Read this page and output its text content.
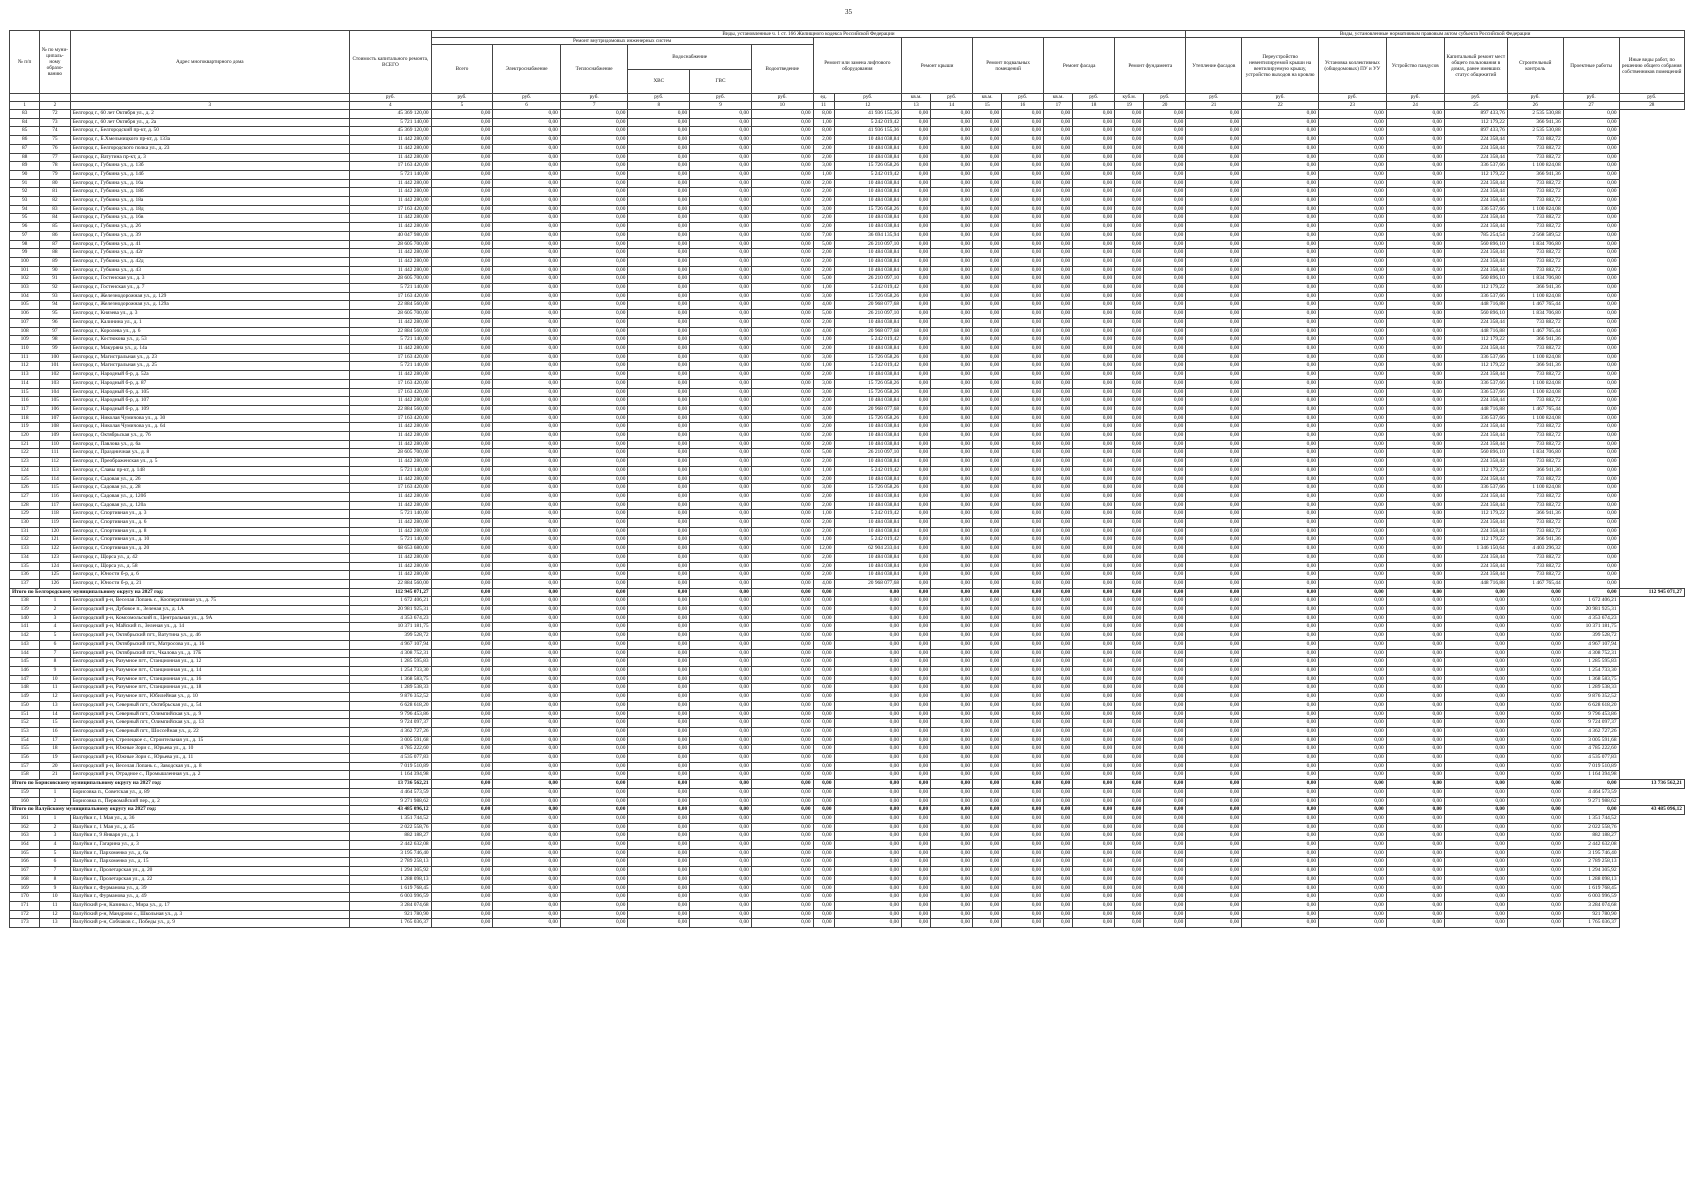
35
№ п/п	№ по муни-ципаль-ному образо-ванию	Адрес многоквартирного дома	Стоимость капитального ремонта, ВСЕГО	Виды, установленные ч. 1 ст. 166 Жилищного кодекса Российской Федерации																Виды, установленные нормативным правовым актом субъекта Российской Федерации							
				Ремонт внутридомовых инженерных систем						Ремонт или замена лифтового оборудования		Ремонт крыши		Ремонт подвальных помещений		Ремонт фасада		Ремонт фундамента		Утепление фасадов	Переустройство невентилируемой крыши на вентилируемую крышу, устройство выходов на кровлю	Установка коллективных (общедомовых) ПУ и УУ	Устройство пандусов	Капитальный ремонт мест общего пользования в домах, ранее имевших статус общежитий	Строительный контроль	Проектные работы	Иные виды работ, по решению общего собрания собственников помещений
				Всего	Электроснабжение	Теплоснабжение	Водоснабжение		Водоотведение																		
							ХВС	ГВС																			
			руб.	руб.	руб.	руб.	руб.	руб.	руб.	ед.	руб.	кв.м.	руб.	кв.м.	руб.	кв.м.	руб.	куб.м.	руб.	руб.	руб.	руб.	руб.	руб.	руб.	руб.	руб.
1	2	3	4	5	6	7	8	9	10	11	12	13	14	15	16	17	18	19	20	21	22	23	24	25	26	27	28
83	72	Белгород г., 60 лет Октября ул., д. 2	45 369 120,00	0,00	0,00	0,00	0,00	0,00	0,00	8,00	41 936 155,36	0,00	0,00	0,00	0,00	0,00	0,00	0,00	0,00	0,00	0,00	0,00	0,00	897 433,76	2 535 530,88	0,00	
84	73	Белгород г., 60 лет Октября ул., д. 2а	5 721 140,00	0,00	0,00	0,00	0,00	0,00	0,00	1,00	5 242 019,42	0,00	0,00	0,00	0,00	0,00	0,00	0,00	0,00	0,00	0,00	0,00	0,00	112 179,22	366 941,36	0,00	
85	74	Белгород г., Белгородский пр-кт, д. 50	45 369 120,00	0,00	0,00	0,00	0,00	0,00	0,00	8,00	41 936 155,36	0,00	0,00	0,00	0,00	0,00	0,00	0,00	0,00	0,00	0,00	0,00	0,00	897 433,76	2 535 530,88	0,00	
86	75	Белгород г., Б.Хмельницкого пр-кт, д. 133а	11 442 280,00	0,00	0,00	0,00	0,00	0,00	0,00	2,00	10 484 038,84	0,00	0,00	0,00	0,00	0,00	0,00	0,00	0,00	0,00	0,00	0,00	0,00	224 358,44	733 882,72	0,00	
87	76	Белгород г., Белгородского полка ул., д. 23	11 442 280,00	0,00	0,00	0,00	0,00	0,00	0,00	2,00	10 484 038,84	0,00	0,00	0,00	0,00	0,00	0,00	0,00	0,00	0,00	0,00	0,00	0,00	224 358,44	733 882,72	0,00	
88	77	Белгород г., Ватутина пр-кт, д. 3	11 442 280,00	0,00	0,00	0,00	0,00	0,00	0,00	2,00	10 484 038,84	0,00	0,00	0,00	0,00	0,00	0,00	0,00	0,00	0,00	0,00	0,00	0,00	224 358,44	733 882,72	0,00	
89	78	Белгород г., Губкина ул., д. 13б	17 163 420,00	0,00	0,00	0,00	0,00	0,00	0,00	3,00	15 726 058,26	0,00	0,00	0,00	0,00	0,00	0,00	0,00	0,00	0,00	0,00	0,00	0,00	336 537,66	1 100 824,08	0,00	
90	79	Белгород г., Губкина ул., д. 14б	5 721 140,00	0,00	0,00	0,00	0,00	0,00	0,00	1,00	5 242 019,42	0,00	0,00	0,00	0,00	0,00	0,00	0,00	0,00	0,00	0,00	0,00	0,00	112 179,22	366 941,36	0,00	
91	80	Белгород г., Губкина ул., д. 16а	11 442 280,00	0,00	0,00	0,00	0,00	0,00	0,00	2,00	10 484 038,84	0,00	0,00	0,00	0,00	0,00	0,00	0,00	0,00	0,00	0,00	0,00	0,00	224 358,44	733 882,72	0,00	
92	81	Белгород г., Губкина ул., д. 18б	11 442 280,00	0,00	0,00	0,00	0,00	0,00	0,00	2,00	10 484 038,84	0,00	0,00	0,00	0,00	0,00	0,00	0,00	0,00	0,00	0,00	0,00	0,00	224 358,44	733 882,72	0,00	
93	82	Белгород г., Губкина ул., д. 18а	11 442 280,00	0,00	0,00	0,00	0,00	0,00	0,00	2,00	10 484 038,84	0,00	0,00	0,00	0,00	0,00	0,00	0,00	0,00	0,00	0,00	0,00	0,00	224 358,44	733 882,72	0,00	
94	83	Белгород г., Губкина ул., д. 18д	17 163 420,00	0,00	0,00	0,00	0,00	0,00	0,00	3,00	15 726 058,26	0,00	0,00	0,00	0,00	0,00	0,00	0,00	0,00	0,00	0,00	0,00	0,00	336 537,66	1 100 824,08	0,00	
95	84	Белгород г., Губкина ул., д. 16в	11 442 280,00	0,00	0,00	0,00	0,00	0,00	0,00	2,00	10 484 038,84	0,00	0,00	0,00	0,00	0,00	0,00	0,00	0,00	0,00	0,00	0,00	0,00	224 358,44	733 882,72	0,00	
96	85	Белгород г., Губкина ул., д. 26	11 442 280,00	0,00	0,00	0,00	0,00	0,00	0,00	2,00	10 484 038,84	0,00	0,00	0,00	0,00	0,00	0,00	0,00	0,00	0,00	0,00	0,00	0,00	224 358,44	733 882,72	0,00	
97	86	Белгород г., Губкина ул., д. 39	40 047 980,00	0,00	0,00	0,00	0,00	0,00	0,00	7,00	36 694 135,94	0,00	0,00	0,00	0,00	0,00	0,00	0,00	0,00	0,00	0,00	0,00	0,00	785 254,54	2 568 589,52	0,00	
98	87	Белгород г., Губкина ул., д. 41	28 605 700,00	0,00	0,00	0,00	0,00	0,00	0,00	5,00	26 210 097,10	0,00	0,00	0,00	0,00	0,00	0,00	0,00	0,00	0,00	0,00	0,00	0,00	560 896,10	1 834 706,80	0,00	
99	88	Белгород г., Губкина ул., д. 42г	11 442 280,00	0,00	0,00	0,00	0,00	0,00	0,00	2,00	10 484 038,84	0,00	0,00	0,00	0,00	0,00	0,00	0,00	0,00	0,00	0,00	0,00	0,00	224 358,44	733 882,72	0,00	
100	89	Белгород г., Губкина ул., д. 42д	11 442 280,00	0,00	0,00	0,00	0,00	0,00	0,00	2,00	10 484 038,84	0,00	0,00	0,00	0,00	0,00	0,00	0,00	0,00	0,00	0,00	0,00	0,00	224 358,44	733 882,72	0,00	
101	90	Белгород г., Губкина ул., д. 43	11 442 280,00	0,00	0,00	0,00	0,00	0,00	0,00	2,00	10 484 038,84	0,00	0,00	0,00	0,00	0,00	0,00	0,00	0,00	0,00	0,00	0,00	0,00	224 358,44	733 882,72	0,00	
102	91	Белгород г., Гостенская ул., д. 3	28 605 700,00	0,00	0,00	0,00	0,00	0,00	0,00	5,00	26 210 097,10	0,00	0,00	0,00	0,00	0,00	0,00	0,00	0,00	0,00	0,00	0,00	0,00	560 896,10	1 834 706,80	0,00	
103	92	Белгород г., Гостенская ул., д. 7	5 721 140,00	0,00	0,00	0,00	0,00	0,00	0,00	1,00	5 242 019,42	0,00	0,00	0,00	0,00	0,00	0,00	0,00	0,00	0,00	0,00	0,00	0,00	112 179,22	366 941,36	0,00	
104	93	Белгород г., Железнодорожная ул., д. 129	17 163 420,00	0,00	0,00	0,00	0,00	0,00	0,00	3,00	15 726 058,26	0,00	0,00	0,00	0,00	0,00	0,00	0,00	0,00	0,00	0,00	0,00	0,00	336 537,66	1 100 824,08	0,00	
105	94	Белгород г., Железнодорожная ул., д. 129а	22 884 560,00	0,00	0,00	0,00	0,00	0,00	0,00	4,00	20 968 077,68	0,00	0,00	0,00	0,00	0,00	0,00	0,00	0,00	0,00	0,00	0,00	0,00	448 716,88	1 467 765,44	0,00	
106	95	Белгород г., Князева ул., д. 3	28 605 700,00	0,00	0,00	0,00	0,00	0,00	0,00	5,00	26 210 097,10	0,00	0,00	0,00	0,00	0,00	0,00	0,00	0,00	0,00	0,00	0,00	0,00	560 896,10	1 834 706,80	0,00	
107	96	Белгород г., Калинина ул., д. 1	11 442 280,00	0,00	0,00	0,00	0,00	0,00	0,00	2,00	10 484 038,84	0,00	0,00	0,00	0,00	0,00	0,00	0,00	0,00	0,00	0,00	0,00	0,00	224 358,44	733 882,72	0,00	
108	97	Белгород г., Королева ул., д. 6	22 884 560,00	0,00	0,00	0,00	0,00	0,00	0,00	4,00	20 968 077,68	0,00	0,00	0,00	0,00	0,00	0,00	0,00	0,00	0,00	0,00	0,00	0,00	448 716,88	1 467 765,44	0,00	
109	98	Белгород г., Костюкова ул., д. 53	5 721 140,00	0,00	0,00	0,00	0,00	0,00	0,00	1,00	5 242 019,42	0,00	0,00	0,00	0,00	0,00	0,00	0,00	0,00	0,00	0,00	0,00	0,00	112 179,22	366 941,36	0,00	
110	99	Белгород г., Макуряна ул., д. 14а	11 442 280,00	0,00	0,00	0,00	0,00	0,00	0,00	2,00	10 484 038,84	0,00	0,00	0,00	0,00	0,00	0,00	0,00	0,00	0,00	0,00	0,00	0,00	224 358,44	733 882,72	0,00	
111	100	Белгород г., Магистральная ул., д. 23	17 163 420,00	0,00	0,00	0,00	0,00	0,00	0,00	3,00	15 726 058,26	0,00	0,00	0,00	0,00	0,00	0,00	0,00	0,00	0,00	0,00	0,00	0,00	336 537,66	1 100 824,08	0,00	
112	101	Белгород г., Магистральная ул., д. 25	5 721 140,00	0,00	0,00	0,00	0,00	0,00	0,00	1,00	5 242 019,42	0,00	0,00	0,00	0,00	0,00	0,00	0,00	0,00	0,00	0,00	0,00	0,00	112 179,22	366 941,36	0,00	
113	102	Белгород г., Народный б-р, д. 52а	11 442 280,00	0,00	0,00	0,00	0,00	0,00	0,00	2,00	10 484 038,84	0,00	0,00	0,00	0,00	0,00	0,00	0,00	0,00	0,00	0,00	0,00	0,00	224 358,44	733 882,72	0,00	
114	103	Белгород г., Народный б-р, д. 87	17 163 420,00	0,00	0,00	0,00	0,00	0,00	0,00	3,00	15 726 058,26	0,00	0,00	0,00	0,00	0,00	0,00	0,00	0,00	0,00	0,00	0,00	0,00	336 537,66	1 100 824,08	0,00	
115	104	Белгород г., Народный б-р, д. 105	17 163 420,00	0,00	0,00	0,00	0,00	0,00	0,00	3,00	15 726 058,26	0,00	0,00	0,00	0,00	0,00	0,00	0,00	0,00	0,00	0,00	0,00	0,00	336 537,66	1 100 824,08	0,00	
116	105	Белгород г., Народный б-р, д. 107	11 442 280,00	0,00	0,00	0,00	0,00	0,00	0,00	2,00	10 484 038,84	0,00	0,00	0,00	0,00	0,00	0,00	0,00	0,00	0,00	0,00	0,00	0,00	224 358,44	733 882,72	0,00	
117	106	Белгород г., Народный б-р, д. 109	22 884 560,00	0,00	0,00	0,00	0,00	0,00	0,00	4,00	20 968 077,68	0,00	0,00	0,00	0,00	0,00	0,00	0,00	0,00	0,00	0,00	0,00	0,00	448 716,88	1 467 765,44	0,00	
118	107	Белгород г., Николая Чумичова ул., д. 30	17 163 420,00	0,00	0,00	0,00	0,00	0,00	0,00	3,00	15 726 058,26	0,00	0,00	0,00	0,00	0,00	0,00	0,00	0,00	0,00	0,00	0,00	0,00	336 537,66	1 100 824,08	0,00	
119	108	Белгород г., Николая Чумичова ул., д. 64	11 442 280,00	0,00	0,00	0,00	0,00	0,00	0,00	2,00	10 484 038,84	0,00	0,00	0,00	0,00	0,00	0,00	0,00	0,00	0,00	0,00	0,00	0,00	224 358,44	733 882,72	0,00	
120	109	Белгород г., Октябрьская ул., д. 76	11 442 280,00	0,00	0,00	0,00	0,00	0,00	0,00	2,00	10 484 038,84	0,00	0,00	0,00	0,00	0,00	0,00	0,00	0,00	0,00	0,00	0,00	0,00	224 358,44	733 882,72	0,00	
121	110	Белгород г., Павлова ул., д. 6а	11 442 280,00	0,00	0,00	0,00	0,00	0,00	0,00	2,00	10 484 038,84	0,00	0,00	0,00	0,00	0,00	0,00	0,00	0,00	0,00	0,00	0,00	0,00	224 358,44	733 882,72	0,00	
122	111	Белгород г., Праздничная ул., д. 8	28 605 700,00	0,00	0,00	0,00	0,00	0,00	0,00	5,00	26 210 097,10	0,00	0,00	0,00	0,00	0,00	0,00	0,00	0,00	0,00	0,00	0,00	0,00	560 896,10	1 834 706,80	0,00	
123	112	Белгород г., Преображенская ул., д. 5	11 442 280,00	0,00	0,00	0,00	0,00	0,00	0,00	2,00	10 484 038,84	0,00	0,00	0,00	0,00	0,00	0,00	0,00	0,00	0,00	0,00	0,00	0,00	224 358,44	733 882,72	0,00	
124	113	Белгород г., Славы пр-кт, д. 148	5 721 140,00	0,00	0,00	0,00	0,00	0,00	0,00	1,00	5 242 019,42	0,00	0,00	0,00	0,00	0,00	0,00	0,00	0,00	0,00	0,00	0,00	0,00	112 179,22	366 941,36	0,00	
125	114	Белгород г., Садовая ул., д. 26	11 442 280,00	0,00	0,00	0,00	0,00	0,00	0,00	2,00	10 484 038,84	0,00	0,00	0,00	0,00	0,00	0,00	0,00	0,00	0,00	0,00	0,00	0,00	224 358,44	733 882,72	0,00	
126	115	Белгород г., Садовая ул., д. 28	17 163 420,00	0,00	0,00	0,00	0,00	0,00	0,00	3,00	15 726 058,26	0,00	0,00	0,00	0,00	0,00	0,00	0,00	0,00	0,00	0,00	0,00	0,00	336 537,66	1 100 824,08	0,00	
127	116	Белгород г., Садовая ул., д. 120б	11 442 280,00	0,00	0,00	0,00	0,00	0,00	0,00	2,00	10 484 038,84	0,00	0,00	0,00	0,00	0,00	0,00	0,00	0,00	0,00	0,00	0,00	0,00	224 358,44	733 882,72	0,00	
128	117	Белгород г., Садовая ул., д. 120а	11 442 280,00	0,00	0,00	0,00	0,00	0,00	0,00	2,00	10 484 038,84	0,00	0,00	0,00	0,00	0,00	0,00	0,00	0,00	0,00	0,00	0,00	0,00	224 358,44	733 882,72	0,00	
129	118	Белгород г., Спортивная ул., д. 3	5 721 140,00	0,00	0,00	0,00	0,00	0,00	0,00	1,00	5 242 019,42	0,00	0,00	0,00	0,00	0,00	0,00	0,00	0,00	0,00	0,00	0,00	0,00	112 179,22	366 941,36	0,00	
130	119	Белгород г., Спортивная ул., д. 6	11 442 280,00	0,00	0,00	0,00	0,00	0,00	0,00	2,00	10 484 038,84	0,00	0,00	0,00	0,00	0,00	0,00	0,00	0,00	0,00	0,00	0,00	0,00	224 358,44	733 882,72	0,00	
131	120	Белгород г., Спортивная ул., д. 8	11 442 280,00	0,00	0,00	0,00	0,00	0,00	0,00	2,00	10 484 038,84	0,00	0,00	0,00	0,00	0,00	0,00	0,00	0,00	0,00	0,00	0,00	0,00	224 358,44	733 882,72	0,00	
132	121	Белгород г., Спортивная ул., д. 10	5 721 140,00	0,00	0,00	0,00	0,00	0,00	0,00	1,00	5 242 019,42	0,00	0,00	0,00	0,00	0,00	0,00	0,00	0,00	0,00	0,00	0,00	0,00	112 179,22	366 941,36	0,00	
133	122	Белгород г., Спортивная ул., д. 20	68 653 680,00	0,00	0,00	0,00	0,00	0,00	0,00	12,00	62 904 233,04	0,00	0,00	0,00	0,00	0,00	0,00	0,00	0,00	0,00	0,00	0,00	0,00	1 346 150,64	4 403 296,32	0,00	
134	123	Белгород г., Щорса ул., д. 42	11 442 280,00	0,00	0,00	0,00	0,00	0,00	0,00	2,00	10 484 038,84	0,00	0,00	0,00	0,00	0,00	0,00	0,00	0,00	0,00	0,00	0,00	0,00	224 358,44	733 882,72	0,00	
135	124	Белгород г., Щорса ул., д. 58	11 442 280,00	0,00	0,00	0,00	0,00	0,00	0,00	2,00	10 484 038,84	0,00	0,00	0,00	0,00	0,00	0,00	0,00	0,00	0,00	0,00	0,00	0,00	224 358,44	733 882,72	0,00	
136	125	Белгород г., Юности б-р, д. 6	11 442 280,00	0,00	0,00	0,00	0,00	0,00	0,00	2,00	10 484 038,84	0,00	0,00	0,00	0,00	0,00	0,00	0,00	0,00	0,00	0,00	0,00	0,00	224 358,44	733 882,72	0,00	
137	126	Белгород г., Юности б-р, д. 21	22 884 560,00	0,00	0,00	0,00	0,00	0,00	0,00	4,00	20 968 077,68	0,00	0,00	0,00	0,00	0,00	0,00	0,00	0,00	0,00	0,00	0,00	0,00	448 716,88	1 467 765,44	0,00	
Итого по Белгородскому муниципальному округу на 2027 год:			112 945 071,27	0,00	0,00	0,00	0,00	0,00	0,00	0,00	0,00	0,00	0,00	0,00	0,00	0,00	0,00	0,00	0,00	0,00	0,00	0,00	0,00	0,00	0,00	0,00	112 945 071,27
138	1	Белгородский р-н, Веселая Лопань с., Кооперативная ул., д. 75	1 672 406,21	0,00	0,00	0,00	0,00	0,00	0,00	0,00	0,00	0,00	0,00	0,00	0,00	0,00	0,00	0,00	0,00	0,00	0,00	0,00	0,00	0,00	0,00	1 672 406,21	
139	2	Белгородский р-н, Дубовое п., Зеленая ул., д. 1А	20 981 925,31	0,00	0,00	0,00	0,00	0,00	0,00	0,00	0,00	0,00	0,00	0,00	0,00	0,00	0,00	0,00	0,00	0,00	0,00	0,00	0,00	0,00	0,00	20 981 925,31	
140	3	Белгородский р-н, Комсомольский п., Центральная ул., д. 9А	4 353 674,23	0,00	0,00	0,00	0,00	0,00	0,00	0,00	0,00	0,00	0,00	0,00	0,00	0,00	0,00	0,00	0,00	0,00	0,00	0,00	0,00	0,00	0,00	4 353 674,23	
141	4	Белгородский р-н, Майский п., Зеленая ул., д. 14	10 371 181,75	0,00	0,00	0,00	0,00	0,00	0,00	0,00	0,00	0,00	0,00	0,00	0,00	0,00	0,00	0,00	0,00	0,00	0,00	0,00	0,00	0,00	0,00	10 371 181,75	
142	5	Белгородский р-н, Октябрьский пгт., Ватутина ул., д. 46	399 528,72	0,00	0,00	0,00	0,00	0,00	0,00	0,00	0,00	0,00	0,00	0,00	0,00	0,00	0,00	0,00	0,00	0,00	0,00	0,00	0,00	0,00	0,00	399 528,72	
143	6	Белгородский р-н, Октябрьский пгт., Матросова ул., д. 16	4 967 107,94	0,00	0,00	0,00	0,00	0,00	0,00	0,00	0,00	0,00	0,00	0,00	0,00	0,00	0,00	0,00	0,00	0,00	0,00	0,00	0,00	0,00	0,00	4 967 107,94	
144	7	Белгородский р-н, Октябрьский пгт., Чкалова ул., д. 17Б	4 308 752,31	0,00	0,00	0,00	0,00	0,00	0,00	0,00	0,00	0,00	0,00	0,00	0,00	0,00	0,00	0,00	0,00	0,00	0,00	0,00	0,00	0,00	0,00	4 308 752,31	
145	8	Белгородский р-н, Разумное пгт., Станционная ул., д. 12	1 285 595,83	0,00	0,00	0,00	0,00	0,00	0,00	0,00	0,00	0,00	0,00	0,00	0,00	0,00	0,00	0,00	0,00	0,00	0,00	0,00	0,00	0,00	0,00	1 285 595,83	
146	9	Белгородский р-н, Разумное пгт., Станционная ул., д. 14	1 254 733,30	0,00	0,00	0,00	0,00	0,00	0,00	0,00	0,00	0,00	0,00	0,00	0,00	0,00	0,00	0,00	0,00	0,00	0,00	0,00	0,00	0,00	0,00	1 254 733,30	
147	10	Белгородский р-н, Разумное пгт., Станционная ул., д. 16	1 368 583,75	0,00	0,00	0,00	0,00	0,00	0,00	0,00	0,00	0,00	0,00	0,00	0,00	0,00	0,00	0,00	0,00	0,00	0,00	0,00	0,00	0,00	0,00	1 368 583,75	
148	11	Белгородский р-н, Разумное пгт., Станционная ул., д. 18	1 289 538,33	0,00	0,00	0,00	0,00	0,00	0,00	0,00	0,00	0,00	0,00	0,00	0,00	0,00	0,00	0,00	0,00	0,00	0,00	0,00	0,00	0,00	0,00	1 289 538,33	
149	12	Белгородский р-н, Разумное пгт., Юбилейная ул., д. 10	9 876 352,52	0,00	0,00	0,00	0,00	0,00	0,00	0,00	0,00	0,00	0,00	0,00	0,00	0,00	0,00	0,00	0,00	0,00	0,00	0,00	0,00	0,00	0,00	9 876 352,52	
150	13	Белгородский р-н, Северный пгт., Октябрьская ул., д. 54	6 628 618,20	0,00	0,00	0,00	0,00	0,00	0,00	0,00	0,00	0,00	0,00	0,00	0,00	0,00	0,00	0,00	0,00	0,00	0,00	0,00	0,00	0,00	0,00	6 628 618,20	
151	14	Белгородский р-н, Северный пгт., Олимпийская ул., д. 9	9 796 453,86	0,00	0,00	0,00	0,00	0,00	0,00	0,00	0,00	0,00	0,00	0,00	0,00	0,00	0,00	0,00	0,00	0,00	0,00	0,00	0,00	0,00	0,00	9 796 453,86	
152	15	Белгородский р-н, Северный пгт., Олимпийская ул., д. 13	9 724 097,37	0,00	0,00	0,00	0,00	0,00	0,00	0,00	0,00	0,00	0,00	0,00	0,00	0,00	0,00	0,00	0,00	0,00	0,00	0,00	0,00	0,00	0,00	9 724 097,37	
153	16	Белгородский р-н, Северный пгт., Шоссейная ул., д. 22	4 362 727,26	0,00	0,00	0,00	0,00	0,00	0,00	0,00	0,00	0,00	0,00	0,00	0,00	0,00	0,00	0,00	0,00	0,00	0,00	0,00	0,00	0,00	0,00	4 362 727,26	
154	17	Белгородский р-н, Стрелецкое с., Строительная ул., д. 15	3 005 591,68	0,00	0,00	0,00	0,00	0,00	0,00	0,00	0,00	0,00	0,00	0,00	0,00	0,00	0,00	0,00	0,00	0,00	0,00	0,00	0,00	0,00	0,00	3 005 591,68	
155	18	Белгородский р-н, Южные Зори с., Юрьева ул., д. 10	4 785 222,60	0,00	0,00	0,00	0,00	0,00	0,00	0,00	0,00	0,00	0,00	0,00	0,00	0,00	0,00	0,00	0,00	0,00	0,00	0,00	0,00	0,00	0,00	4 785 222,60	
156	19	Белгородский р-н, Южные Зори с., Юрьева ул., д. 11	4 535 077,83	0,00	0,00	0,00	0,00	0,00	0,00	0,00	0,00	0,00	0,00	0,00	0,00	0,00	0,00	0,00	0,00	0,00	0,00	0,00	0,00	0,00	0,00	4 535 077,83	
157	20	Белгородский р-н, Веселая Лопань с., Заводская ул., д. 8	7 019 510,89	0,00	0,00	0,00	0,00	0,00	0,00	0,00	0,00	0,00	0,00	0,00	0,00	0,00	0,00	0,00	0,00	0,00	0,00	0,00	0,00	0,00	0,00	7 019 510,89	
158	21	Белгородский р-н, Отрадное с., Промышленная ул., д. 2	1 164 394,98	0,00	0,00	0,00	0,00	0,00	0,00	0,00	0,00	0,00	0,00	0,00	0,00	0,00	0,00	0,00	0,00	0,00	0,00	0,00	0,00	0,00	0,00	1 164 394,98	
Итого по Борисовскому муниципальному округу на 2027 год:			13 736 562,21	0,00	0,00	0,00	0,00	0,00	0,00	0,00	0,00	0,00	0,00	0,00	0,00	0,00	0,00	0,00	0,00	0,00	0,00	0,00	0,00	0,00	0,00	0,00	13 736 562,21
159	1	Борисовка п., Советская ул., д. 89	4 464 573,59	0,00	0,00	0,00	0,00	0,00	0,00	0,00	0,00	0,00	0,00	0,00	0,00	0,00	0,00	0,00	0,00	0,00	0,00	0,00	0,00	0,00	0,00	4 464 573,59	
160	2	Борисовка п., Первомайский пер., д. 2	9 271 988,62	0,00	0,00	0,00	0,00	0,00	0,00	0,00	0,00	0,00	0,00	0,00	0,00	0,00	0,00	0,00	0,00	0,00	0,00	0,00	0,00	0,00	0,00	9 271 988,62	
Итого по Валуйскому муниципальному округу на 2027 год:			43 485 096,12	0,00	0,00	0,00	0,00	0,00	0,00	0,00	0,00	0,00	0,00	0,00	0,00	0,00	0,00	0,00	0,00	0,00	0,00	0,00	0,00	0,00	0,00	0,00	43 485 096,12
161	1	Валуйки г., 1 Мая ул., д. 36	1 351 744,52	0,00	0,00	0,00	0,00	0,00	0,00	0,00	0,00	0,00	0,00	0,00	0,00	0,00	0,00	0,00	0,00	0,00	0,00	0,00	0,00	0,00	0,00	1 351 744,52	
162	2	Валуйки г., 1 Мая ул., д. 45	2 022 558,76	0,00	0,00	0,00	0,00	0,00	0,00	0,00	0,00	0,00	0,00	0,00	0,00	0,00	0,00	0,00	0,00	0,00	0,00	0,00	0,00	0,00	0,00	2 022 558,76	
163	3	Валуйки г., 9 Января ул., д. 1	882 188,27	0,00	0,00	0,00	0,00	0,00	0,00	0,00	0,00	0,00	0,00	0,00	0,00	0,00	0,00	0,00	0,00	0,00	0,00	0,00	0,00	0,00	0,00	882 188,27	
164	4	Валуйки г., Гагарина ул., д. 3	2 442 632,08	0,00	0,00	0,00	0,00	0,00	0,00	0,00	0,00	0,00	0,00	0,00	0,00	0,00	0,00	0,00	0,00	0,00	0,00	0,00	0,00	0,00	0,00	2 442 632,08	
165	5	Валуйки г., Пархоменко ул., д. 6а	3 195 746,40	0,00	0,00	0,00	0,00	0,00	0,00	0,00	0,00	0,00	0,00	0,00	0,00	0,00	0,00	0,00	0,00	0,00	0,00	0,00	0,00	0,00	0,00	3 195 746,40	
166	6	Валуйки г., Пархоменко ул., д. 15	2 789 258,13	0,00	0,00	0,00	0,00	0,00	0,00	0,00	0,00	0,00	0,00	0,00	0,00	0,00	0,00	0,00	0,00	0,00	0,00	0,00	0,00	0,00	0,00	2 789 258,13	
167	7	Валуйки г., Пролетарская ул., д. 20	1 294 305,92	0,00	0,00	0,00	0,00	0,00	0,00	0,00	0,00	0,00	0,00	0,00	0,00	0,00	0,00	0,00	0,00	0,00	0,00	0,00	0,00	0,00	0,00	1 294 305,92	
168	8	Валуйки г., Пролетарская ул., д. 22	1 288 098,13	0,00	0,00	0,00	0,00	0,00	0,00	0,00	0,00	0,00	0,00	0,00	0,00	0,00	0,00	0,00	0,00	0,00	0,00	0,00	0,00	0,00	0,00	1 288 098,13	
169	9	Валуйки г., Фурманова ул., д. 39	1 619 768,45	0,00	0,00	0,00	0,00	0,00	0,00	0,00	0,00	0,00	0,00	0,00	0,00	0,00	0,00	0,00	0,00	0,00	0,00	0,00	0,00	0,00	0,00	1 619 768,45	
170	10	Валуйки г., Фурманова ул., д. 49	6 003 996,59	0,00	0,00	0,00	0,00	0,00	0,00	0,00	0,00	0,00	0,00	0,00	0,00	0,00	0,00	0,00	0,00	0,00	0,00	0,00	0,00	0,00	0,00	6 003 996,59	
171	11	Валуйский р-н, Казинка с., Мира ул., д. 17	3 284 074,68	0,00	0,00	0,00	0,00	0,00	0,00	0,00	0,00	0,00	0,00	0,00	0,00	0,00	0,00	0,00	0,00	0,00	0,00	0,00	0,00	0,00	0,00	3 284 074,68	
172	12	Валуйский р-н, Мандрово с., Школьная ул., д. 3	921 780,90	0,00	0,00	0,00	0,00	0,00	0,00	0,00	0,00	0,00	0,00	0,00	0,00	0,00	0,00	0,00	0,00	0,00	0,00	0,00	0,00	0,00	0,00	921 780,90	
173	13	Валуйский р-н, Собчаков с., Победы ул., д. 9	1 765 036,37	0,00	0,00	0,00	0,00	0,00	0,00	0,00	0,00	0,00	0,00	0,00	0,00	0,00	0,00	0,00	0,00	0,00	0,00	0,00	0,00	0,00	0,00	1 765 036,37	
